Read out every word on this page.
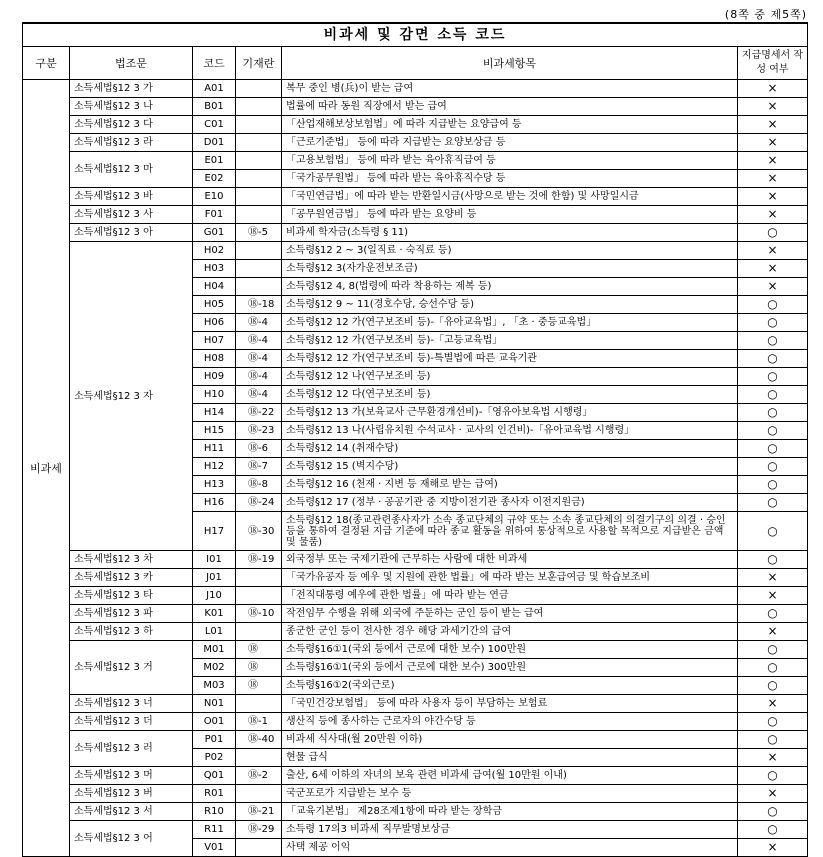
(8쪽 중 제5쪽)
비과세 및 감면 소득 코드					
구분	법조문	코드	기재란	비과세항목	지급명세서 작성 여부
비과세	소득세법§12 3 가	A01		복무 중인 병(兵)이 받는 급여	×
	소득세법§12 3 나	B01		법률에 따라 동원 직장에서 받는 급여	×
	소득세법§12 3 다	C01		「산업재해보상보험법」에 따라 지급받는 요양급여 등	×
	소득세법§12 3 라	D01		「근로기준법」 등에 따라 지급받는 요양보상금 등	×
	소득세법§12 3 마	E01		「고용보험법」 등에 따라 받는 육아휴직급여 등	×
		E02		「국가공무원법」 등에 따라 받는 육아휴직수당 등	×
	소득세법§12 3 바	E10		「국민연금법」에 따라 받는 반환일시금(사망으로 받는 것에 한함) 및 사망일시금	×
	소득세법§12 3 사	F01		「공무원연금법」 등에 따라 받는 요양비 등	×
	소득세법§12 3 아	G01	⑱-5	비과세 학자금(소득령 § 11)	○
	소득세법§12 3 자	H02		소득령§12 2 ~ 3(일직료 · 숙직료 등)	×
		H03		소득령§12 3(자가운전보조금)	×
		H04		소득령§12 4, 8(법령에 따라 착용하는 제복 등)	×
		H05	⑱-18	소득령§12 9 ~ 11(경호수당, 승선수당 등)	○
		H06	⑱-4	소득령§12 12 가(연구보조비 등)-「유아교육법」, 「초 · 중등교육법」	○
		H07	⑱-4	소득령§12 12 가(연구보조비 등)-「고등교육법」	○
		H08	⑱-4	소득령§12 12 가(연구보조비 등)-특별법에 따른 교육기관	○
		H09	⑱-4	소득령§12 12 나(연구보조비 등)	○
		H10	⑱-4	소득령§12 12 다(연구보조비 등)	○
		H14	⑱-22	소득령§12 13 가(보육교사 근무환경개선비)-「영유아보육법 시행령」	○
		H15	⑱-23	소득령§12 13 나(사립유치원 수석교사 · 교사의 인건비)-「유아교육법 시행령」	○
		H11	⑱-6	소득령§12 14 (취재수당)	○
		H12	⑱-7	소득령§12 15 (벽지수당)	○
		H13	⑱-8	소득령§12 16 (천재 · 지변 등 재해로 받는 급여)	○
		H16	⑱-24	소득령§12 17 (정부 · 공공기관 중 지방이전기관 종사자 이전지원금)	○
		H17	⑱-30	소득령§12 18(종교관련종사자가 소속 종교단체의 규약 또는 소속 종교단체의 의결기구의 의결 · 승인 등을 통하여 결정된 지급 기준에 따라 종교 활동을 위하여 통상적으로 사용할 목적으로 지급받은 금액 및 물품)	○
	소득세법§12 3 차	I01	⑱-19	외국정부 또는 국제기관에 근무하는 사람에 대한 비과세	○
	소득세법§12 3 카	J01		「국가유공자 등 예우 및 지원에 관한 법률」에 따라 받는 보훈급여금 및 학습보조비	×
	소득세법§12 3 타	J10		「전직대통령 예우에 관한 법률」에 따라 받는 연금	×
	소득세법§12 3 파	K01	⑱-10	작전임무 수행을 위해 외국에 주둔하는 군인 등이 받는 급여	○
	소득세법§12 3 하	L01		종군한 군인 등이 전사한 경우 해당 과세기간의 급여	×
	소득세법§12 3 거	M01	⑱	소득령§16①1(국외 등에서 근로에 대한 보수) 100만원	○
		M02	⑱	소득령§16①1(국외 등에서 근로에 대한 보수) 300만원	○
		M03	⑱	소득령§16①2(국외근로)	○
	소득세법§12 3 너	N01		「국민건강보험법」 등에 따라 사용자 등이 부담하는 보험료	×
	소득세법§12 3 더	O01	⑱-1	생산직 등에 종사하는 근로자의 야간수당 등	○
	소득세법§12 3 러	P01	⑱-40	비과세 식사대(월 20만원 이하)	○
		P02		현물 급식	×
	소득세법§12 3 머	Q01	⑱-2	출산, 6세 이하의 자녀의 보육 관련 비과세 급여(월 10만원 이내)	○
	소득세법§12 3 버	R01		국군포로가 지급받는 보수 등	×
	소득세법§12 3 서	R10	⑱-21	「교육기본법」 제28조제1항에 따라 받는 장학금	○
	소득세법§12 3 어	R11	⑱-29	소득령 17의3 비과세 직무발명보상금	○
		V01		사택 제공 이익	×
